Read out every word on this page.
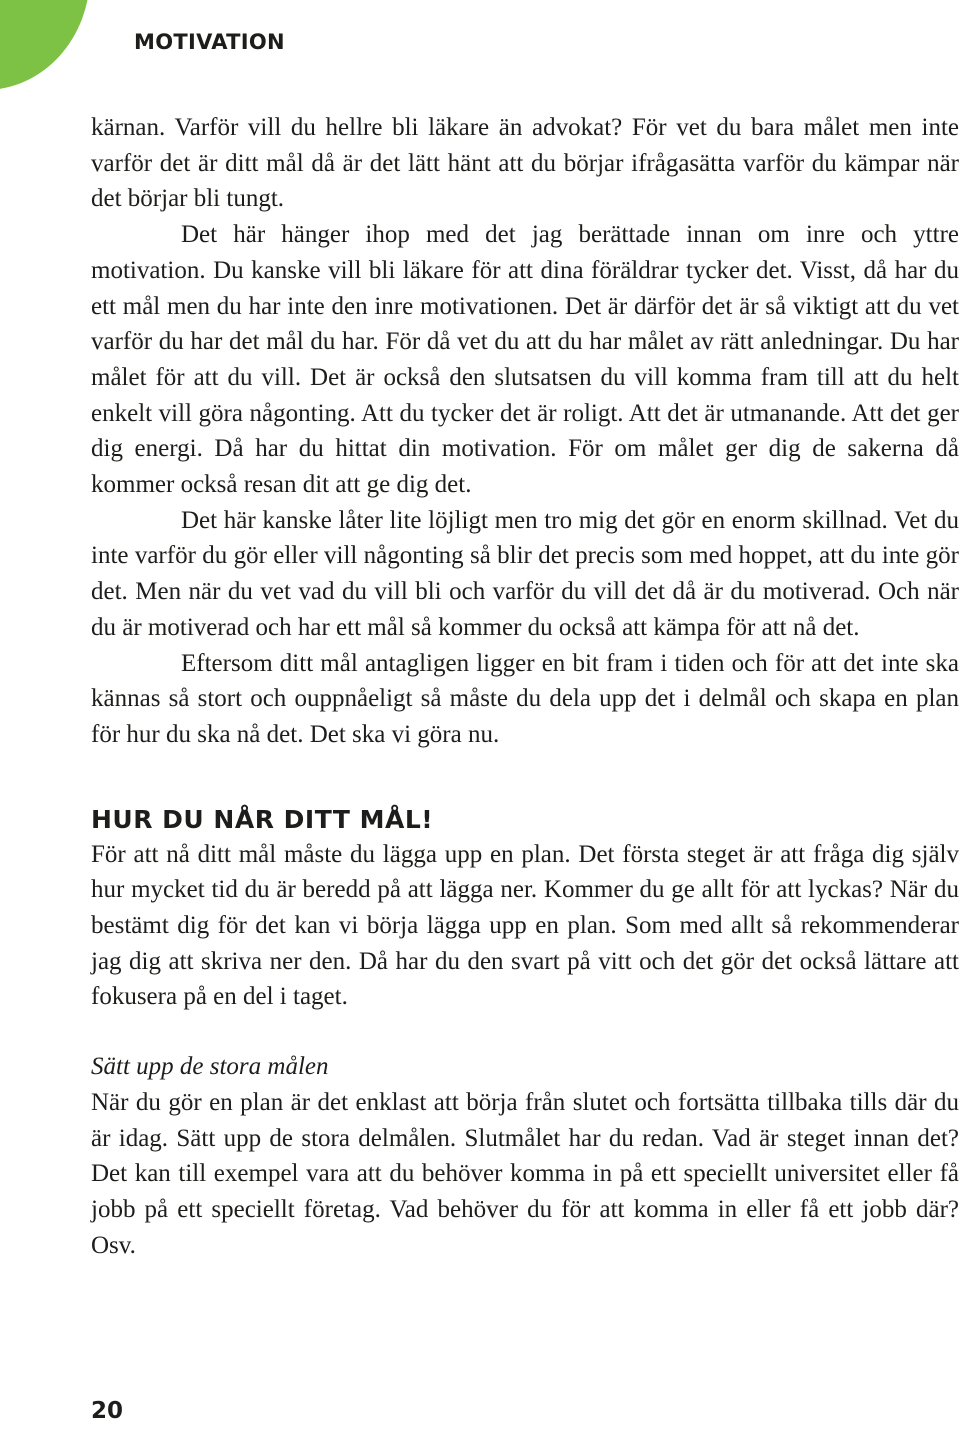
MOTIVATION

kärnan. Varför vill du hellre bli läkare än advokat? För vet du bara målet men inte varför det är ditt mål då är det lätt hänt att du börjar ifrågasätta varför du kämpar när det börjar bli tungt.

Det här hänger ihop med det jag berättade innan om inre och yttre motivation. Du kanske vill bli läkare för att dina föräldrar tycker det. Visst, då har du ett mål men du har inte den inre motivationen. Det är därför det är så viktigt att du vet varför du har det mål du har. För då vet du att du har målet av rätt anledningar. Du har målet för att du vill. Det är också den slutsatsen du vill komma fram till att du helt enkelt vill göra någonting. Att du tycker det är roligt. Att det är utmanande. Att det ger dig energi. Då har du hittat din motivation. För om målet ger dig de sakerna då kommer också resan dit att ge dig det.

Det här kanske låter lite löjligt men tro mig det gör en enorm skillnad. Vet du inte varför du gör eller vill någonting så blir det precis som med hoppet, att du inte gör det. Men när du vet vad du vill bli och varför du vill det då är du motiverad. Och när du är motiverad och har ett mål så kommer du också att kämpa för att nå det.

Eftersom ditt mål antagligen ligger en bit fram i tiden och för att det inte ska kännas så stort och ouppnåeligt så måste du dela upp det i delmål och skapa en plan för hur du ska nå det. Det ska vi göra nu.

HUR DU NÅR DITT MÅL!

För att nå ditt mål måste du lägga upp en plan. Det första steget är att fråga dig själv hur mycket tid du är beredd på att lägga ner. Kommer du ge allt för att lyckas? När du bestämt dig för det kan vi börja lägga upp en plan. Som med allt så rekommenderar jag dig att skriva ner den. Då har du den svart på vitt och det gör det också lättare att fokusera på en del i taget.

Sätt upp de stora målen

När du gör en plan är det enklast att börja från slutet och fortsätta tillbaka tills där du är idag. Sätt upp de stora delmålen. Slutmålet har du redan. Vad är steget innan det? Det kan till exempel vara att du behöver komma in på ett speciellt universitet eller få jobb på ett speciellt företag. Vad behöver du för att komma in eller få ett jobb där? Osv.

20
